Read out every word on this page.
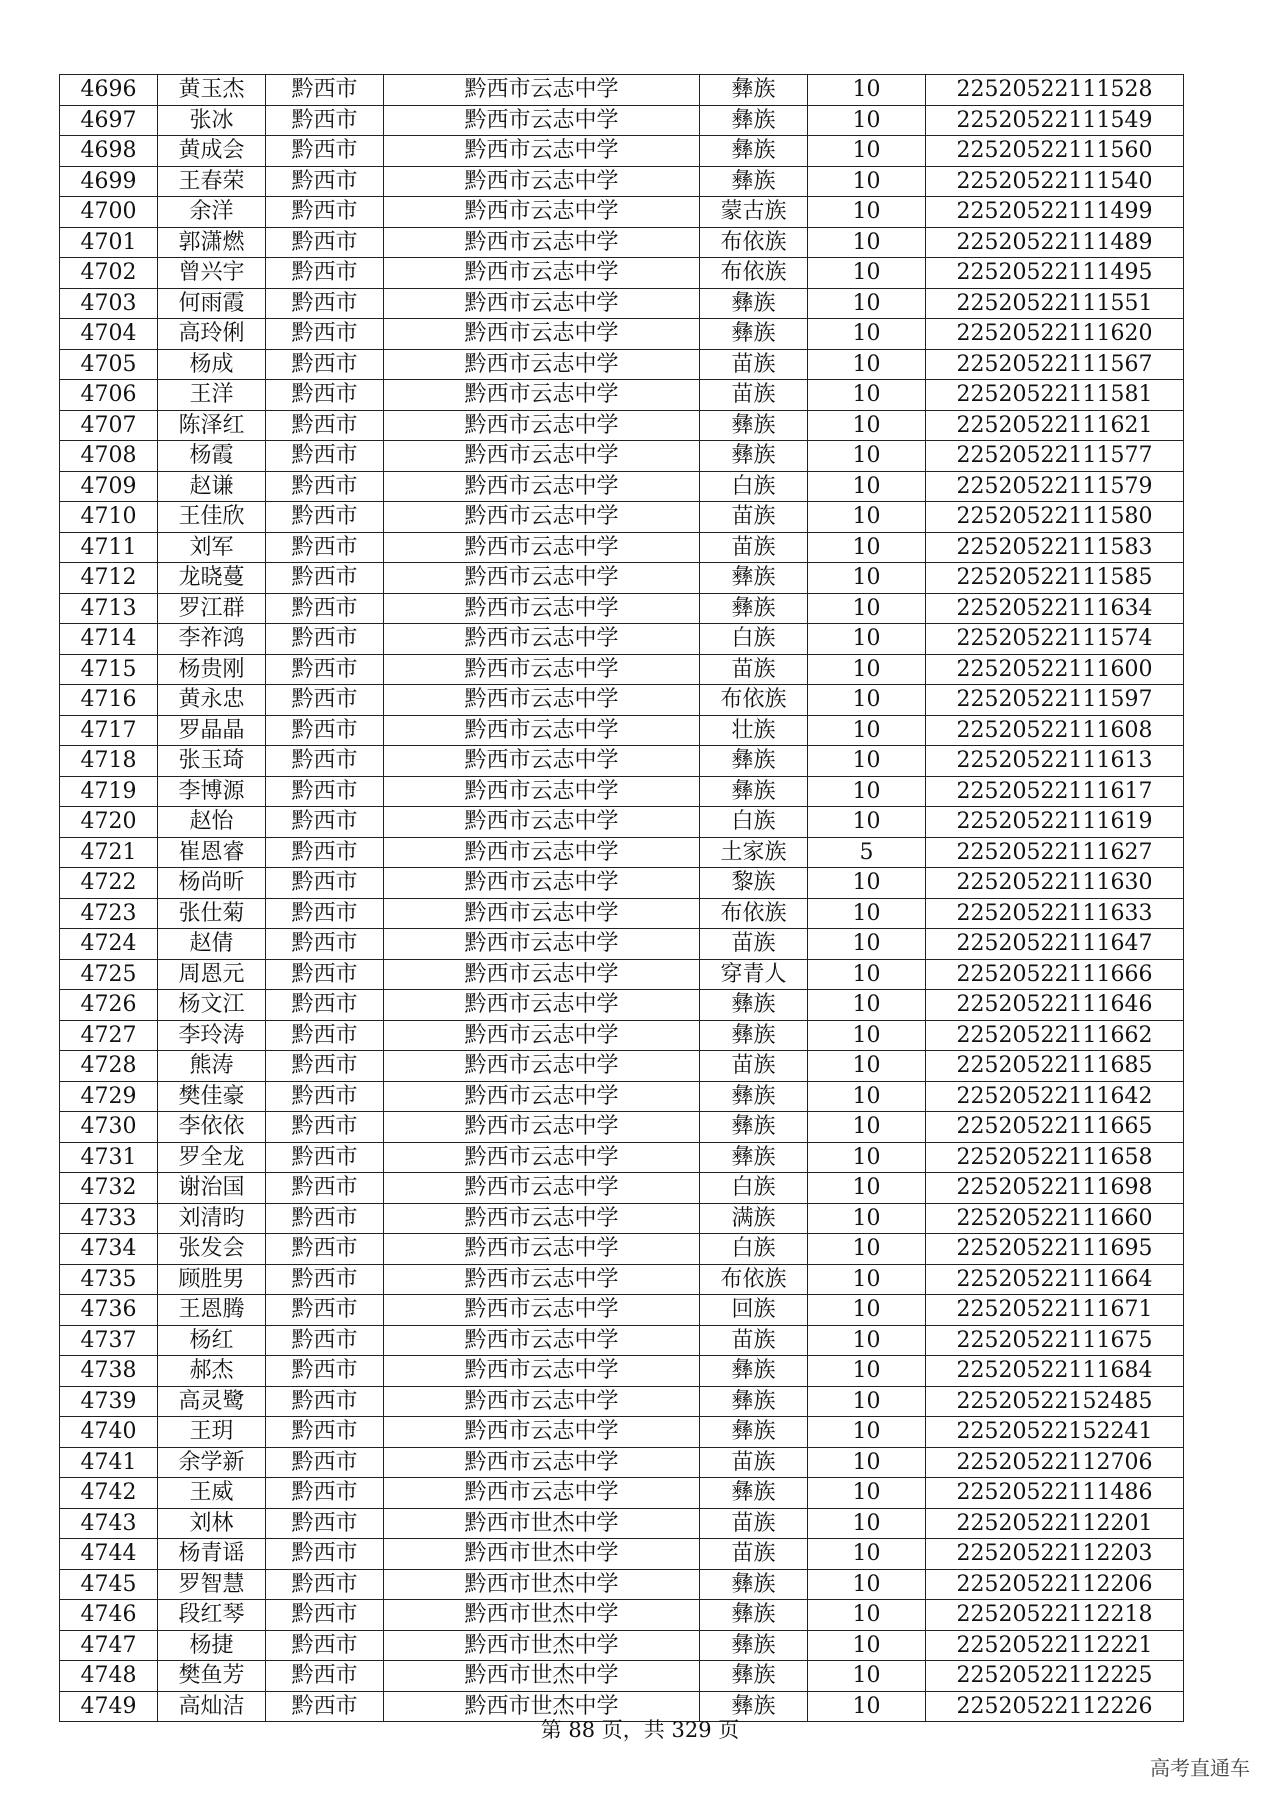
4696	黄玉杰	黔西市	黔西市云志中学	彝族	10	22520522111528
4697	张冰	黔西市	黔西市云志中学	彝族	10	22520522111549
4698	黄成会	黔西市	黔西市云志中学	彝族	10	22520522111560
4699	王春荣	黔西市	黔西市云志中学	彝族	10	22520522111540
4700	余洋	黔西市	黔西市云志中学	蒙古族	10	22520522111499
4701	郭潇燃	黔西市	黔西市云志中学	布依族	10	22520522111489
4702	曾兴宇	黔西市	黔西市云志中学	布依族	10	22520522111495
4703	何雨霞	黔西市	黔西市云志中学	彝族	10	22520522111551
4704	高玲俐	黔西市	黔西市云志中学	彝族	10	22520522111620
4705	杨成	黔西市	黔西市云志中学	苗族	10	22520522111567
4706	王洋	黔西市	黔西市云志中学	苗族	10	22520522111581
4707	陈泽红	黔西市	黔西市云志中学	彝族	10	22520522111621
4708	杨霞	黔西市	黔西市云志中学	彝族	10	22520522111577
4709	赵谦	黔西市	黔西市云志中学	白族	10	22520522111579
4710	王佳欣	黔西市	黔西市云志中学	苗族	10	22520522111580
4711	刘军	黔西市	黔西市云志中学	苗族	10	22520522111583
4712	龙晓蔓	黔西市	黔西市云志中学	彝族	10	22520522111585
4713	罗江群	黔西市	黔西市云志中学	彝族	10	22520522111634
4714	李祚鸿	黔西市	黔西市云志中学	白族	10	22520522111574
4715	杨贵刚	黔西市	黔西市云志中学	苗族	10	22520522111600
4716	黄永忠	黔西市	黔西市云志中学	布依族	10	22520522111597
4717	罗晶晶	黔西市	黔西市云志中学	壮族	10	22520522111608
4718	张玉琦	黔西市	黔西市云志中学	彝族	10	22520522111613
4719	李博源	黔西市	黔西市云志中学	彝族	10	22520522111617
4720	赵怡	黔西市	黔西市云志中学	白族	10	22520522111619
4721	崔恩睿	黔西市	黔西市云志中学	土家族	5	22520522111627
4722	杨尚昕	黔西市	黔西市云志中学	黎族	10	22520522111630
4723	张仕菊	黔西市	黔西市云志中学	布依族	10	22520522111633
4724	赵倩	黔西市	黔西市云志中学	苗族	10	22520522111647
4725	周恩元	黔西市	黔西市云志中学	穿青人	10	22520522111666
4726	杨文江	黔西市	黔西市云志中学	彝族	10	22520522111646
4727	李玲涛	黔西市	黔西市云志中学	彝族	10	22520522111662
4728	熊涛	黔西市	黔西市云志中学	苗族	10	22520522111685
4729	樊佳豪	黔西市	黔西市云志中学	彝族	10	22520522111642
4730	李依依	黔西市	黔西市云志中学	彝族	10	22520522111665
4731	罗全龙	黔西市	黔西市云志中学	彝族	10	22520522111658
4732	谢治国	黔西市	黔西市云志中学	白族	10	22520522111698
4733	刘清昀	黔西市	黔西市云志中学	满族	10	22520522111660
4734	张发会	黔西市	黔西市云志中学	白族	10	22520522111695
4735	顾胜男	黔西市	黔西市云志中学	布依族	10	22520522111664
4736	王恩腾	黔西市	黔西市云志中学	回族	10	22520522111671
4737	杨红	黔西市	黔西市云志中学	苗族	10	22520522111675
4738	郝杰	黔西市	黔西市云志中学	彝族	10	22520522111684
4739	高灵鹭	黔西市	黔西市云志中学	彝族	10	22520522152485
4740	王玥	黔西市	黔西市云志中学	彝族	10	22520522152241
4741	余学新	黔西市	黔西市云志中学	苗族	10	22520522112706
4742	王威	黔西市	黔西市云志中学	彝族	10	22520522111486
4743	刘林	黔西市	黔西市世杰中学	苗族	10	22520522112201
4744	杨青谣	黔西市	黔西市世杰中学	苗族	10	22520522112203
4745	罗智慧	黔西市	黔西市世杰中学	彝族	10	22520522112206
4746	段红琴	黔西市	黔西市世杰中学	彝族	10	22520522112218
4747	杨捷	黔西市	黔西市世杰中学	彝族	10	22520522112221
4748	樊鱼芳	黔西市	黔西市世杰中学	彝族	10	22520522112225
4749	高灿洁	黔西市	黔西市世杰中学	彝族	10	22520522112226
第 88 页，共 329 页
高考直通车
